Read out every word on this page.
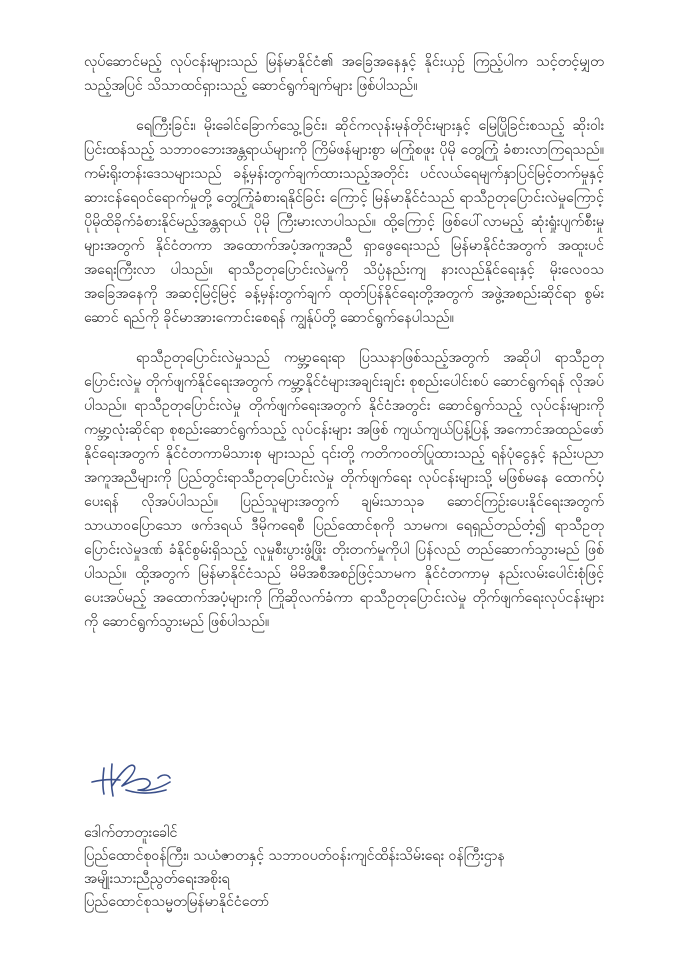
လုပ်ဆောင်မည့် လုပ်ငန်းများသည် မြန်မာနိုင်ငံ၏ အခြေအနေနှင့် နိုင်းယှဉ် ကြည့်ပါက သင့်တင့်မျှတသည့်အပြင် သိသာထင်ရှားသည့် ဆောင်ရွက်ချက်များ ဖြစ်ပါသည်။

ရေကြီးခြင်း၊ မိုးခေါင်ခြောက်သွေ့ခြင်း၊ ဆိုင်ကလုန်းမုန်တိုင်းများနှင့် မြေပြိုခြင်းစသည့် ဆိုးဝါးပြင်းထန်သည့် သဘာဝဘေးအန္တရာယ်များကို ကြိမ်ဖန်များစွာ မကြုံစဖူး ပိုမို တွေ့ကြုံ ခံစားလာကြရသည်။ ကမ်းရိုးတန်းဒေသများသည် ခန့်မှန်းတွက်ချက်ထားသည့်အတိုင်း ပင်လယ်ရေမျက်နှာပြင်မြင့်တက်မှုနှင့် ဆားငန်ရေဝင်ရောက်မှုတို့ တွေ့ကြုံခံစားရနိုင်ခြင်း ကြောင့် မြန်မာနိုင်ငံသည် ရာသီဥတုပြောင်းလဲမှုကြောင့် ပိုမိုထိခိုက်ခံစားနိုင်မည့်အန္တရာယ် ပိုမို ကြီးမားလာပါသည်။ ထို့ကြောင့် ဖြစ်ပေါ်လာမည့် ဆုံးရှုံးပျက်စီးမှုများအတွက် နိုင်ငံတကာ အထောက်အပံ့အကူအညီ ရှာဖွေရေးသည် မြန်မာနိုင်ငံအတွက် အထူးပင် အရေးကြီးလာ ပါသည်။ ရာသီဥတုပြောင်းလဲမှုကို သိပ္ပံနည်းကျ နားလည်နိုင်ရေးနှင့် မိုးလေဝသအခြေအနေကို အဆင့်မြင့်မြင့် ခန့်မှန်းတွက်ချက် ထုတ်ပြန်နိုင်ရေးတို့အတွက် အဖွဲ့အစည်းဆိုင်ရာ စွမ်းဆောင် ရည်ကို ခိုင်မာအားကောင်းစေရန် ကျွန်ုပ်တို့ ဆောင်ရွက်နေပါသည်။

ရာသီဥတုပြောင်းလဲမှုသည် ကမ္ဘာ့ရေးရာ ပြဿနာဖြစ်သည့်အတွက် အဆိုပါ ရာသီဥတု ပြောင်းလဲမှု တိုက်ဖျက်နိုင်ရေးအတွက် ကမ္ဘာ့နိုင်ငံများအချင်းချင်း စုစည်းပေါင်းစပ် ဆောင်ရွက်ရန် လိုအပ်ပါသည်။ ရာသီဥတုပြောင်းလဲမှု တိုက်ဖျက်ရေးအတွက် နိုင်ငံအတွင်း ဆောင်ရွက်သည့် လုပ်ငန်းများကို ကမ္ဘာ့လုံးဆိုင်ရာ စုစည်းဆောင်ရွက်သည့် လုပ်ငန်းများ အဖြစ် ကျယ်ကျယ်ပြန့်ပြန့် အကောင်အထည်ဖော်နိုင်ရေးအတွက် နိုင်ငံတကာမိသားစု များသည် ၎င်းတို့ ကတိကဝတ်ပြုထားသည့် ရန်ပုံငွေနှင့် နည်းပညာအကူအညီများကို ပြည်တွင်းရာသီဥတုပြောင်းလဲမှု တိုက်ဖျက်ရေး လုပ်ငန်းများသို့ မဖြစ်မနေ ထောက်ပံ့ပေးရန် လိုအပ်ပါသည်။ ပြည်သူများအတွက် ချမ်းသာသုခ ဆောင်ကြဉ်းပေးနိုင်ရေးအတွက် သာယာဝပြောသော ဖက်ဒရယ် ဒီမိုကရေစီ ပြည်ထောင်စုကို သာမက၊ ရေရှည်တည်တံ့၍ ရာသီဥတုပြောင်းလဲမှုဒဏ် ခံနိုင်စွမ်းရှိသည့် လူမှုစီးပွားဖွံ့ဖြိုး တိုးတက်မှုကိုပါ ပြန်လည် တည်ဆောက်သွားမည် ဖြစ်ပါသည်။ ထို့အတွက် မြန်မာနိုင်ငံသည် မိမိအစီအစဉ်ဖြင့်သာမက နိုင်ငံတကာမှ နည်းလမ်းပေါင်းစုံဖြင့် ပေးအပ်မည့် အထောက်အပံ့များကို ကြိုဆိုလက်ခံကာ ရာသီဥတုပြောင်းလဲမှု တိုက်ဖျက်ရေးလုပ်ငန်းများကို ဆောင်ရွက်သွားမည် ဖြစ်ပါသည်။

ဒေါက်တာတူးခေါင်
ပြည်ထောင်စုဝန်ကြီး၊ သယံဇာတနှင့် သဘာဝပတ်ဝန်းကျင်ထိန်းသိမ်းရေး ဝန်ကြီးဌာန
အမျိုးသားညီညွတ်ရေးအစိုးရ
ပြည်ထောင်စုသမ္မတမြန်မာနိုင်ငံတော်
